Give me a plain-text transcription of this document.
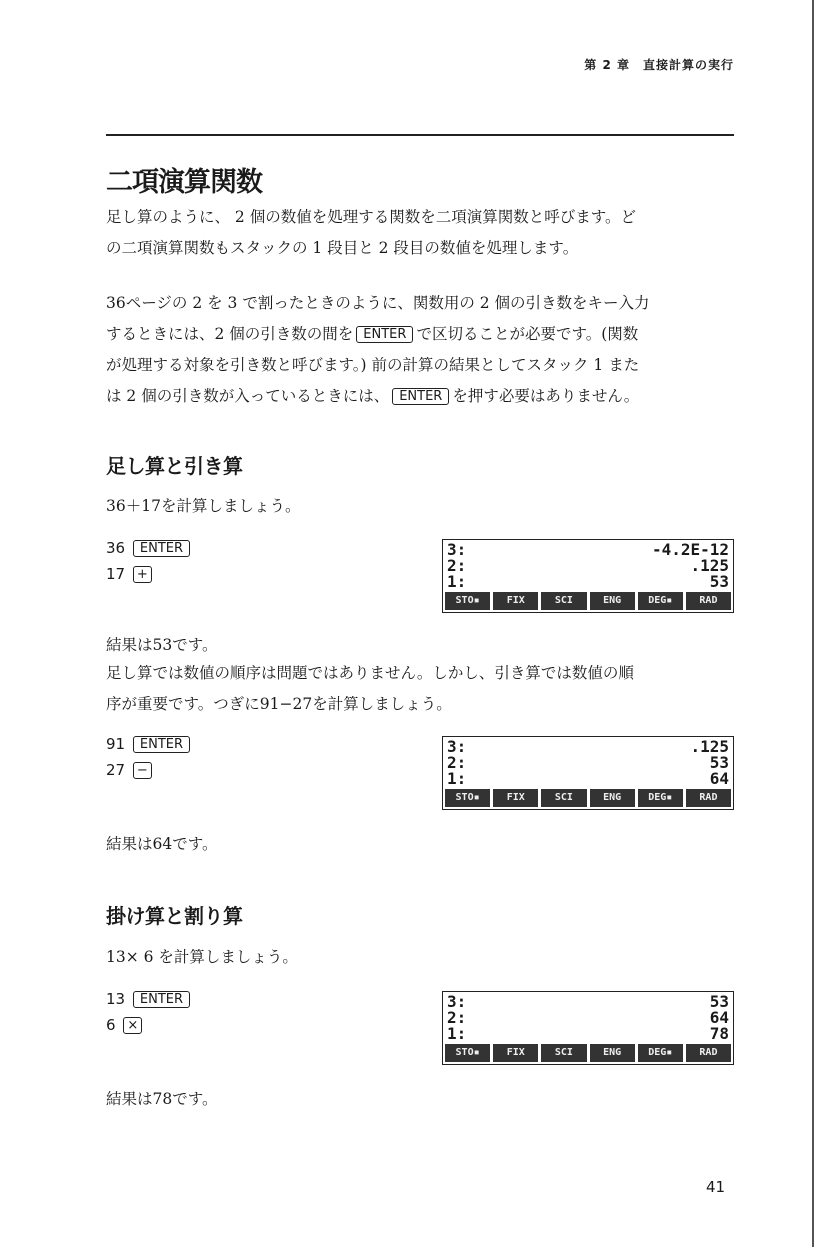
第 2 章　直接計算の実行
二項演算関数
足し算のように、 2 個の数値を処理する関数を二項演算関数と呼びます。ど
の二項演算関数もスタックの 1 段目と 2 段目の数値を処理します。
36ページの 2 を 3 で割ったときのように、関数用の 2 個の引き数をキー入力
するときには、2 個の引き数の間を ENTER で区切ることが必要です。(関数
が処理する対象を引き数と呼びます。) 前の計算の結果としてスタック 1 また
は 2 個の引き数が入っているときには、 ENTER を押す必要はありません。
足し算と引き算
36＋17を計算しましょう。
36 ENTER
17 +
3:	-4.2E-12
2:	.125
1:	53
STO▪	FIX	SCI	ENG	DEG▪	RAD
結果は53です。
足し算では数値の順序は問題ではありません。しかし、引き算では数値の順
序が重要です。つぎに91−27を計算しましょう。
91 ENTER
27 −
3:	.125
2:	53
1:	64
STO▪	FIX	SCI	ENG	DEG▪	RAD
結果は64です。
掛け算と割り算
13× 6 を計算しましょう。
13 ENTER
6 ×
3:	53
2:	64
1:	78
STO▪	FIX	SCI	ENG	DEG▪	RAD
結果は78です。
41
